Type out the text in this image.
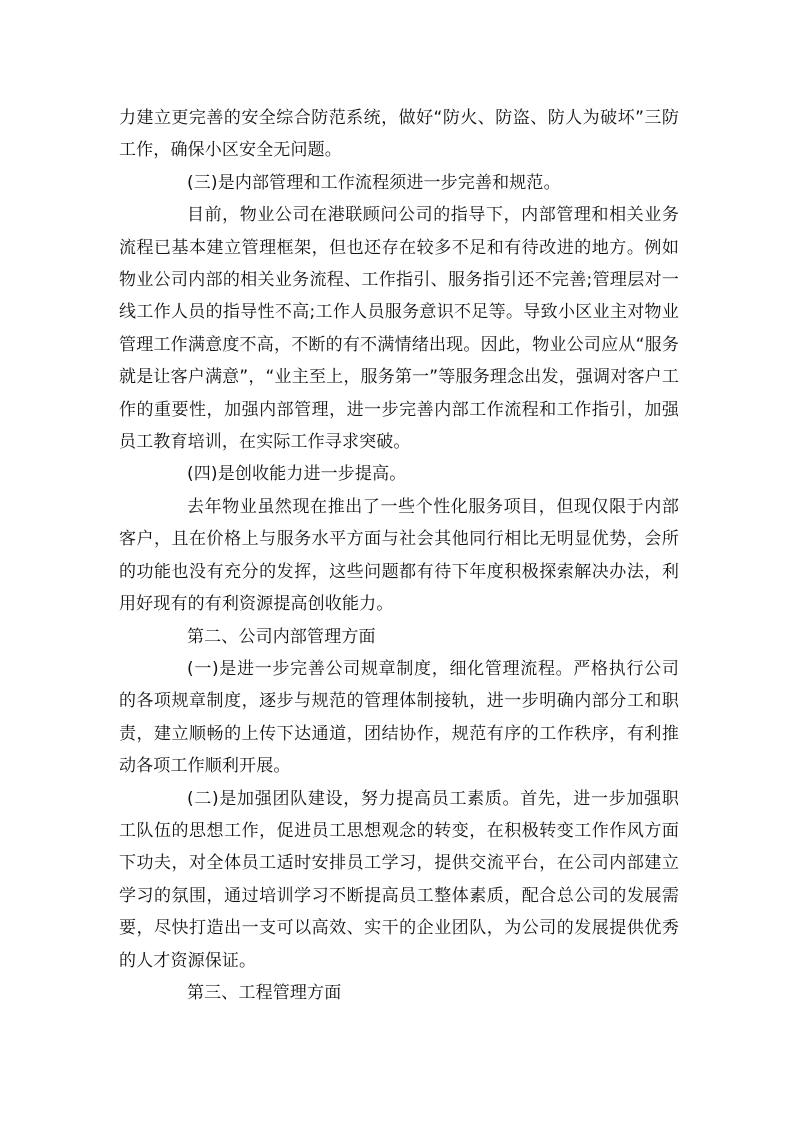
力建立更完善的安全综合防范系统，做好“防火、防盗、防人为破坏”三防工作，确保小区安全无问题。

(三)是内部管理和工作流程须进一步完善和规范。

目前，物业公司在港联顾问公司的指导下，内部管理和相关业务流程已基本建立管理框架，但也还存在较多不足和有待改进的地方。例如物业公司内部的相关业务流程、工作指引、服务指引还不完善;管理层对一线工作人员的指导性不高;工作人员服务意识不足等。导致小区业主对物业管理工作满意度不高，不断的有不满情绪出现。因此，物业公司应从“服务就是让客户满意”，“业主至上，服务第一”等服务理念出发，强调对客户工作的重要性，加强内部管理，进一步完善内部工作流程和工作指引，加强员工教育培训，在实际工作寻求突破。

(四)是创收能力进一步提高。

去年物业虽然现在推出了一些个性化服务项目，但现仅限于内部客户，且在价格上与服务水平方面与社会其他同行相比无明显优势，会所的功能也没有充分的发挥，这些问题都有待下年度积极探索解决办法，利用好现有的有利资源提高创收能力。

第二、公司内部管理方面

(一)是进一步完善公司规章制度，细化管理流程。严格执行公司的各项规章制度，逐步与规范的管理体制接轨，进一步明确内部分工和职责，建立顺畅的上传下达通道，团结协作，规范有序的工作秩序，有利推动各项工作顺利开展。

(二)是加强团队建设，努力提高员工素质。首先，进一步加强职工队伍的思想工作，促进员工思想观念的转变，在积极转变工作作风方面下功夫，对全体员工适时安排员工学习，提供交流平台，在公司内部建立学习的氛围，通过培训学习不断提高员工整体素质，配合总公司的发展需要，尽快打造出一支可以高效、实干的企业团队，为公司的发展提供优秀的人才资源保证。

第三、工程管理方面
